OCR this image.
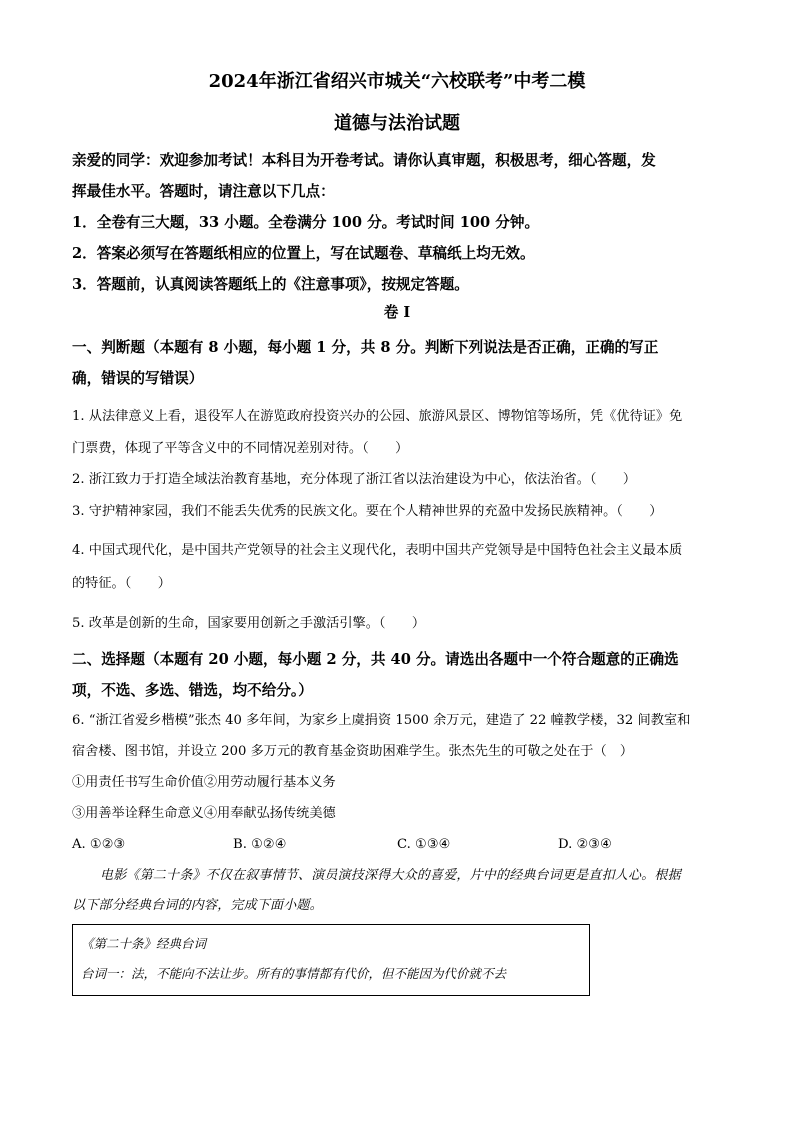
2024年浙江省绍兴市城关“六校联考”中考二模
道德与法治试题
亲爱的同学：欢迎参加考试！本科目为开卷考试。请你认真审题，积极思考，细心答题，发
挥最佳水平。答题时，请注意以下几点：
1．全卷有三大题，33 小题。全卷满分 100 分。考试时间 100 分钟。
2．答案必须写在答题纸相应的位置上，写在试题卷、草稿纸上均无效。
3．答题前，认真阅读答题纸上的《注意事项》，按规定答题。
卷 I
一、判断题（本题有 8 小题，每小题 1 分，共 8 分。判断下列说法是否正确，正确的写正
确，错误的写错误）
1. 从法律意义上看，退役军人在游览政府投资兴办的公园、旅游风景区、博物馆等场所，凭《优待证》免
门票费，体现了平等含义中的不同情况差别对待。（　　）
2. 浙江致力于打造全域法治教育基地，充分体现了浙江省以法治建设为中心，依法治省。（　　）
3. 守护精神家园，我们不能丢失优秀的民族文化。要在个人精神世界的充盈中发扬民族精神。（　　）
4. 中国式现代化，是中国共产党领导的社会主义现代化，表明中国共产党领导是中国特色社会主义最本质
的特征。（　　）
5. 改革是创新的生命，国家要用创新之手激活引擎。（　　）
二、选择题（本题有 20 小题，每小题 2 分，共 40 分。请选出各题中一个符合题意的正确选
项，不选、多选、错选，均不给分。）
6. “浙江省爱乡楷模”张杰 40 多年间，为家乡上虞捐资 1500 余万元，建造了 22 幢教学楼，32 间教室和
宿舍楼、图书馆，并设立 200 多万元的教育基金资助困难学生。张杰先生的可敬之处在于（　）
①用责任书写生命价值②用劳动履行基本义务
③用善举诠释生命意义④用奉献弘扬传统美德
A. ①②③	B. ①②④	C. ①③④	D. ②③④
电影《第二十条》不仅在叙事情节、演员演技深得大众的喜爱，片中的经典台词更是直扣人心。根据
以下部分经典台词的内容，完成下面小题。
《第二十条》经典台词
台词一：法，不能向不法让步。所有的事情都有代价，但不能因为代价就不去
